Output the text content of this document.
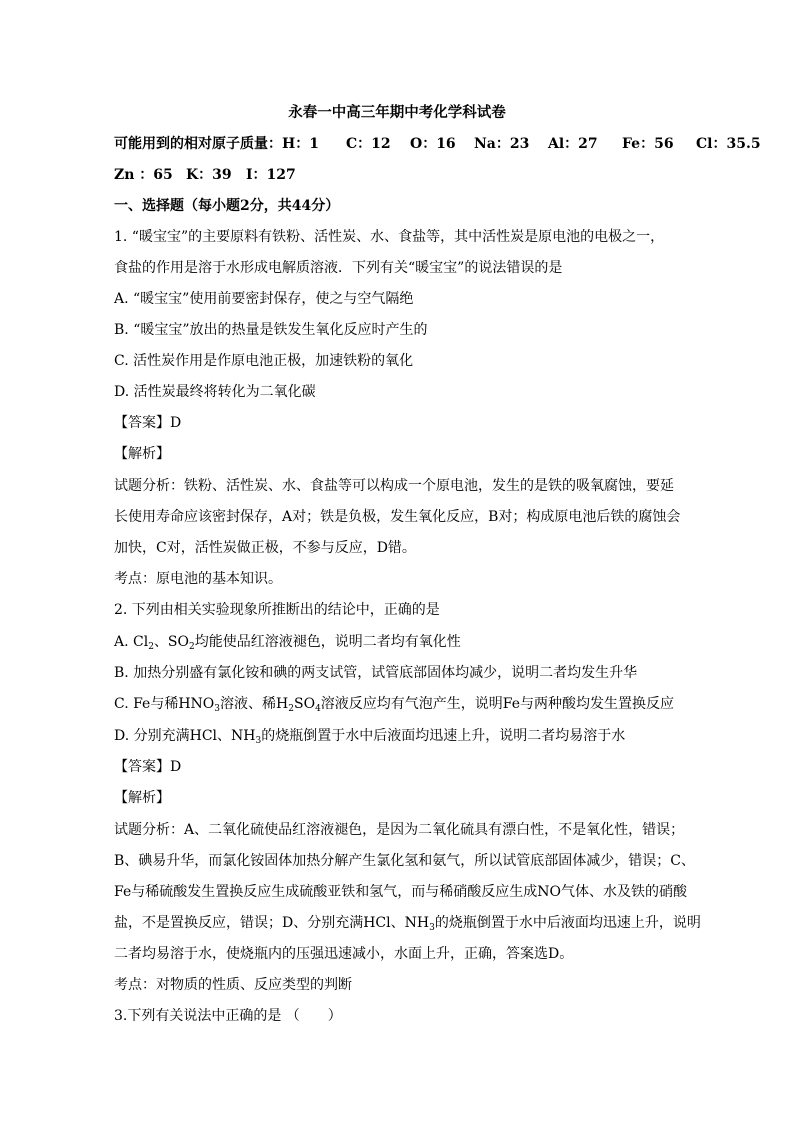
永春一中高三年期中考化学科试卷
可能用到的相对原子质量： H：1 C：12 O：16 Na：23 Al：27 Fe：56 Cl：35.5
Zn ：65 K：39 I：127
一、选择题（每小题2分，共44分）
1. “暖宝宝”的主要原料有铁粉、活性炭、水、食盐等，其中活性炭是原电池的电极之一，
食盐的作用是溶于水形成电解质溶液．下列有关“暖宝宝”的说法错误的是
A. “暖宝宝”使用前要密封保存，使之与空气隔绝
B. “暖宝宝”放出的热量是铁发生氧化反应时产生的
C. 活性炭作用是作原电池正极，加速铁粉的氧化
D. 活性炭最终将转化为二氧化碳
【答案】D
【解析】
试题分析：铁粉、活性炭、水、食盐等可以构成一个原电池，发生的是铁的吸氧腐蚀，要延
长使用寿命应该密封保存，A对；铁是负极，发生氧化反应，B对；构成原电池后铁的腐蚀会
加快，C对，活性炭做正极，不参与反应，D错。
考点：原电池的基本知识。
2. 下列由相关实验现象所推断出的结论中，正确的是
A. $Cl_2$、$SO_2$均能使品红溶液褪色，说明二者均有氧化性
B. 加热分别盛有氯化铵和碘的两支试管，试管底部固体均减少，说明二者均发生升华
C. Fe与稀$HNO_3$溶液、稀$H_2SO_4$溶液反应均有气泡产生，说明Fe与两种酸均发生置换反应
D. 分别充满HCl、$NH_3$的烧瓶倒置于水中后液面均迅速上升，说明二者均易溶于水
【答案】D
【解析】
试题分析：A、二氧化硫使品红溶液褪色，是因为二氧化硫具有漂白性，不是氧化性，错误；
B、碘易升华，而氯化铵固体加热分解产生氯化氢和氨气，所以试管底部固体减少，错误；C、
Fe与稀硫酸发生置换反应生成硫酸亚铁和氢气，而与稀硝酸反应生成NO气体、水及铁的硝酸
盐，不是置换反应，错误；D、分别充满HCl、$NH_3$的烧瓶倒置于水中后液面均迅速上升，说明
二者均易溶于水，使烧瓶内的压强迅速减小，水面上升，正确，答案选D。
考点：对物质的性质、反应类型的判断
3.下列有关说法中正确的是 （　　）
